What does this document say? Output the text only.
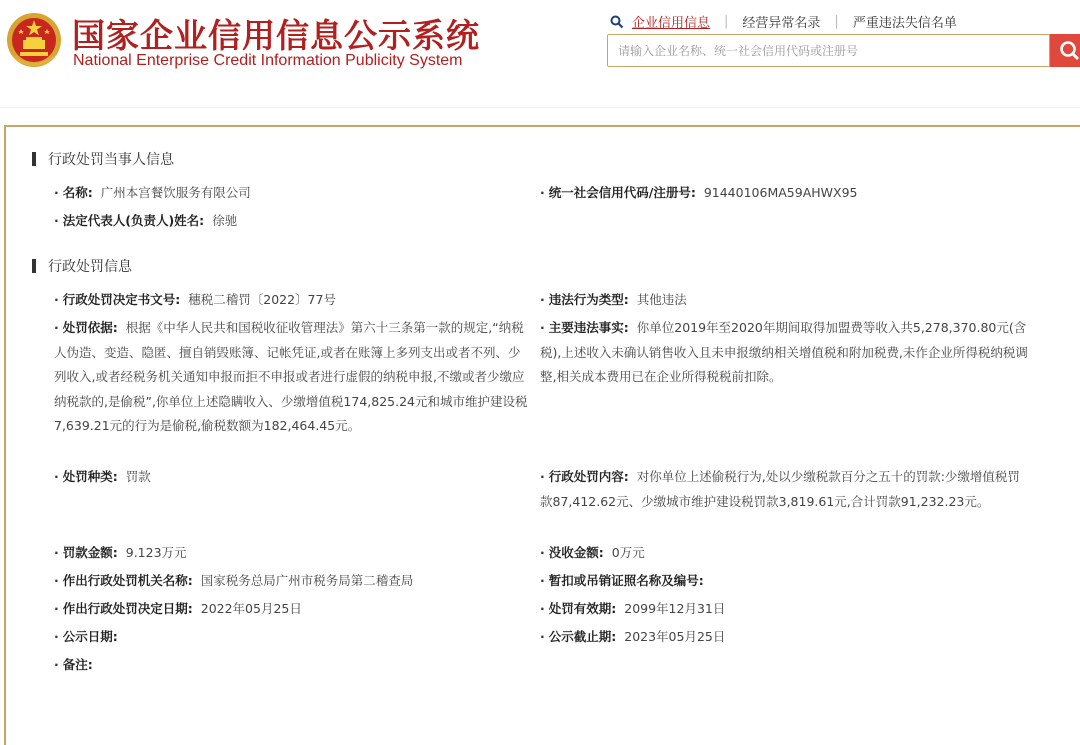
国家企业信用信息公示系统
National Enterprise Credit Information Publicity System
企业信用信息 | 经营异常名录 | 严重违法失信名单
请输入企业名称、统一社会信用代码或注册号
行政处罚当事人信息
· 名称: 广州本宫餐饮服务有限公司	· 统一社会信用代码/注册号: 91440106MA59AHWX95
· 法定代表人(负责人)姓名: 徐驰
行政处罚信息
· 行政处罚决定书文号: 穗税二稽罚〔2022〕77号	· 违法行为类型: 其他违法
· 处罚依据: 根据《中华人民共和国税收征收管理法》第六十三条第一款的规定,“纳税人伪造、变造、隐匿、擅自销毁账簿、记帐凭证,或者在账簿上多列支出或者不列、少列收入,或者经税务机关通知申报而拒不申报或者进行虚假的纳税申报,不缴或者少缴应纳税款的,是偷税”,你单位上述隐瞒收入、少缴增值税174,825.24元和城市维护建设税7,639.21元的行为是偷税,偷税数额为182,464.45元。
· 主要违法事实: 你单位2019年至2020年期间取得加盟费等收入共5,278,370.80元(含税),上述收入未确认销售收入且未申报缴纳相关增值税和附加税费,未作企业所得税纳税调整,相关成本费用已在企业所得税税前扣除。
· 处罚种类: 罚款	· 行政处罚内容: 对你单位上述偷税行为,处以少缴税款百分之五十的罚款:少缴增值税罚款87,412.62元、少缴城市维护建设税罚款3,819.61元,合计罚款91,232.23元。
· 罚款金额: 9.123万元	· 没收金额: 0万元
· 作出行政处罚机关名称: 国家税务总局广州市税务局第二稽查局	· 暂扣或吊销证照名称及编号:
· 作出行政处罚决定日期: 2022年05月25日	· 处罚有效期: 2099年12月31日
· 公示日期:	· 公示截止期: 2023年05月25日
· 备注:
